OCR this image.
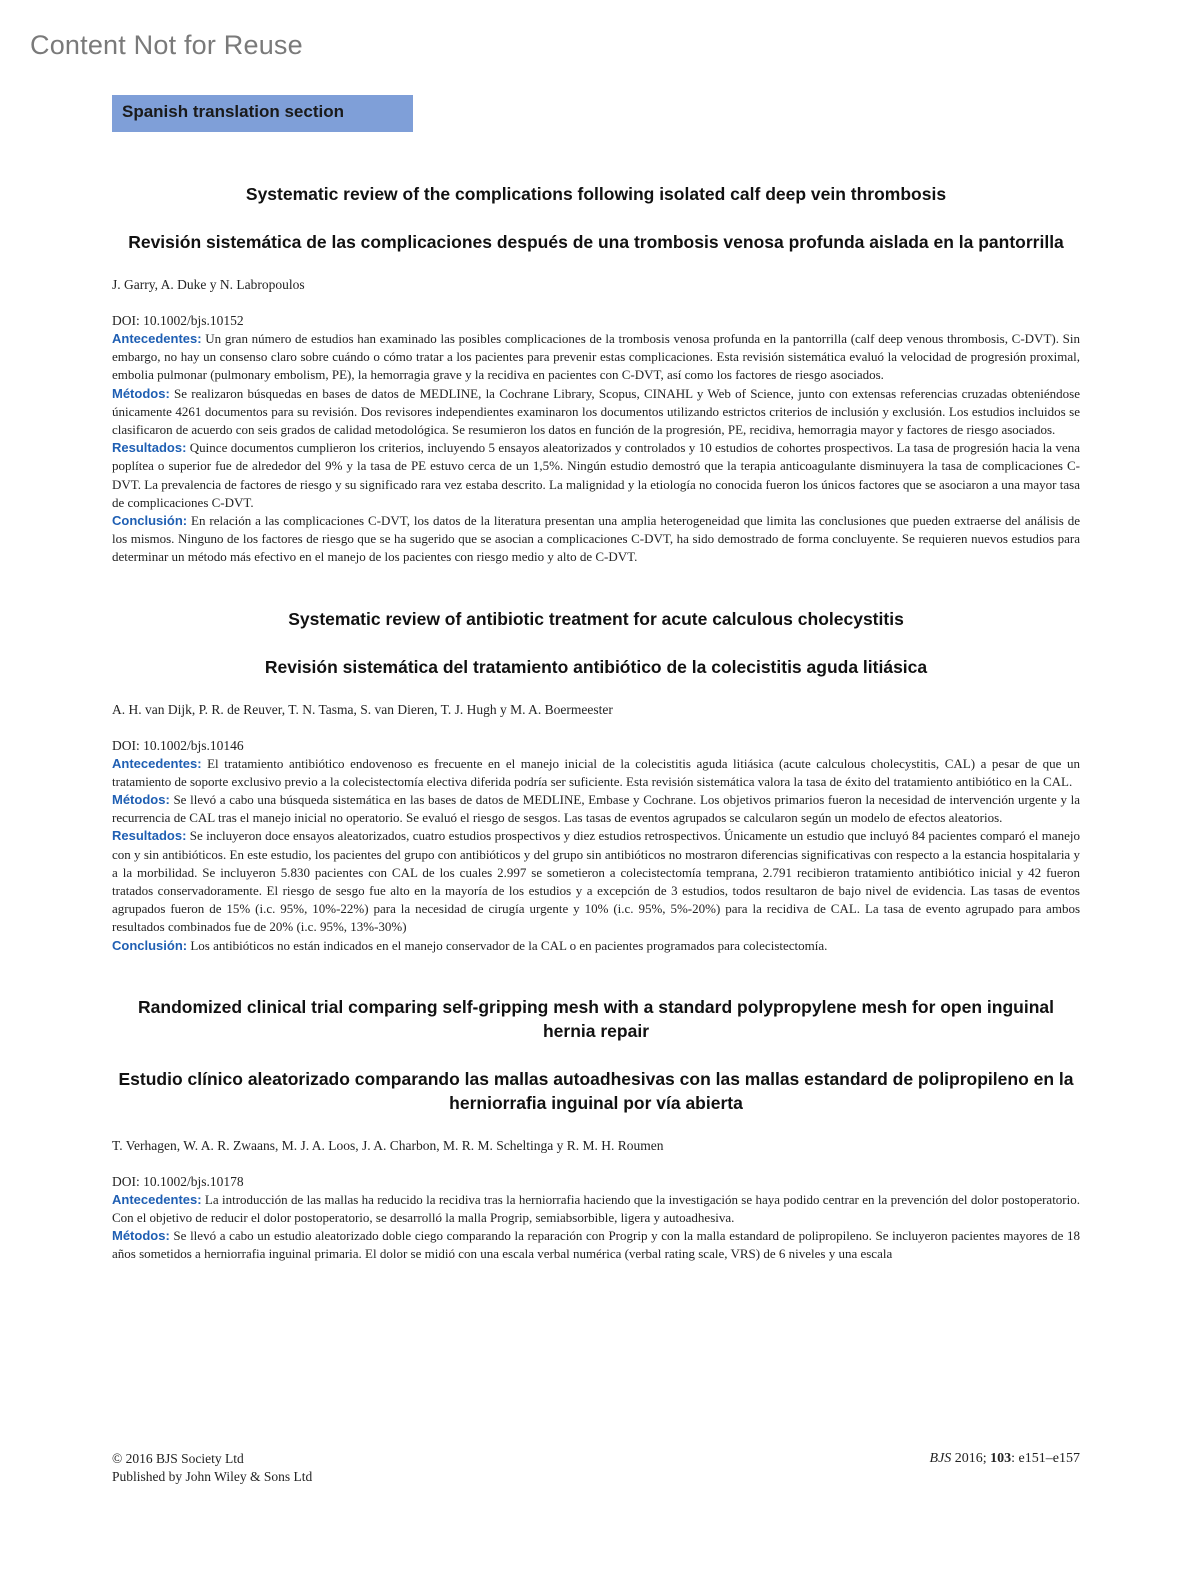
Content Not for Reuse
Spanish translation section
Systematic review of the complications following isolated calf deep vein thrombosis
Revisión sistemática de las complicaciones después de una trombosis venosa profunda aislada en la pantorrilla
J. Garry, A. Duke y N. Labropoulos
DOI: 10.1002/bjs.10152

Antecedentes: Un gran número de estudios han examinado las posibles complicaciones de la trombosis venosa profunda en la pantorrilla (calf deep venous thrombosis, C-DVT). Sin embargo, no hay un consenso claro sobre cuándo o cómo tratar a los pacientes para prevenir estas complicaciones. Esta revisión sistemática evaluó la velocidad de progresión proximal, embolia pulmonar (pulmonary embolism, PE), la hemorragia grave y la recidiva en pacientes con C-DVT, así como los factores de riesgo asociados.

Métodos: Se realizaron búsquedas en bases de datos de MEDLINE, la Cochrane Library, Scopus, CINAHL y Web of Science, junto con extensas referencias cruzadas obteniéndose únicamente 4261 documentos para su revisión. Dos revisores independientes examinaron los documentos utilizando estrictos criterios de inclusión y exclusión. Los estudios incluidos se clasificaron de acuerdo con seis grados de calidad metodológica. Se resumieron los datos en función de la progresión, PE, recidiva, hemorragia mayor y factores de riesgo asociados.

Resultados: Quince documentos cumplieron los criterios, incluyendo 5 ensayos aleatorizados y controlados y 10 estudios de cohortes prospectivos. La tasa de progresión hacia la vena poplítea o superior fue de alrededor del 9% y la tasa de PE estuvo cerca de un 1,5%. Ningún estudio demostró que la terapia anticoagulante disminuyera la tasa de complicaciones C-DVT. La prevalencia de factores de riesgo y su significado rara vez estaba descrito. La malignidad y la etiología no conocida fueron los únicos factores que se asociaron a una mayor tasa de complicaciones C-DVT.

Conclusión: En relación a las complicaciones C-DVT, los datos de la literatura presentan una amplia heterogeneidad que limita las conclusiones que pueden extraerse del análisis de los mismos. Ninguno de los factores de riesgo que se ha sugerido que se asocian a complicaciones C-DVT, ha sido demostrado de forma concluyente. Se requieren nuevos estudios para determinar un método más efectivo en el manejo de los pacientes con riesgo medio y alto de C-DVT.

Systematic review of antibiotic treatment for acute calculous cholecystitis
Revisión sistemática del tratamiento antibiótico de la colecistitis aguda litiásica
A. H. van Dijk, P. R. de Reuver, T. N. Tasma, S. van Dieren, T. J. Hugh y M. A. Boermeester
DOI: 10.1002/bjs.10146

Antecedentes: El tratamiento antibiótico endovenoso es frecuente en el manejo inicial de la colecistitis aguda litiásica (acute calculous cholecystitis, CAL) a pesar de que un tratamiento de soporte exclusivo previo a la colecistectomía electiva diferida podría ser suficiente. Esta revisión sistemática valora la tasa de éxito del tratamiento antibiótico en la CAL.

Métodos: Se llevó a cabo una búsqueda sistemática en las bases de datos de MEDLINE, Embase y Cochrane. Los objetivos primarios fueron la necesidad de intervención urgente y la recurrencia de CAL tras el manejo inicial no operatorio. Se evaluó el riesgo de sesgos. Las tasas de eventos agrupados se calcularon según un modelo de efectos aleatorios.

Resultados: Se incluyeron doce ensayos aleatorizados, cuatro estudios prospectivos y diez estudios retrospectivos. Únicamente un estudio que incluyó 84 pacientes comparó el manejo con y sin antibióticos. En este estudio, los pacientes del grupo con antibióticos y del grupo sin antibióticos no mostraron diferencias significativas con respecto a la estancia hospitalaria y a la morbilidad. Se incluyeron 5.830 pacientes con CAL de los cuales 2.997 se sometieron a colecistectomía temprana, 2.791 recibieron tratamiento antibiótico inicial y 42 fueron tratados conservadoramente. El riesgo de sesgo fue alto en la mayoría de los estudios y a excepción de 3 estudios, todos resultaron de bajo nivel de evidencia. Las tasas de eventos agrupados fueron de 15% (i.c. 95%, 10%-22%) para la necesidad de cirugía urgente y 10% (i.c. 95%, 5%-20%) para la recidiva de CAL. La tasa de evento agrupado para ambos resultados combinados fue de 20% (i.c. 95%, 13%-30%)

Conclusión: Los antibióticos no están indicados en el manejo conservador de la CAL o en pacientes programados para colecistectomía.

Randomized clinical trial comparing self-gripping mesh with a standard polypropylene mesh for open inguinal hernia repair
Estudio clínico aleatorizado comparando las mallas autoadhesivas con las mallas estandard de polipropileno en la herniorrafia inguinal por vía abierta
T. Verhagen, W. A. R. Zwaans, M. J. A. Loos, J. A. Charbon, M. R. M. Scheltinga y R. M. H. Roumen
DOI: 10.1002/bjs.10178

Antecedentes: La introducción de las mallas ha reducido la recidiva tras la herniorrafia haciendo que la investigación se haya podido centrar en la prevención del dolor postoperatorio. Con el objetivo de reducir el dolor postoperatorio, se desarrolló la malla Progrip, semiabsorbible, ligera y autoadhesiva.

Métodos: Se llevó a cabo un estudio aleatorizado doble ciego comparando la reparación con Progrip y con la malla estandard de polipropileno. Se incluyeron pacientes mayores de 18 años sometidos a herniorrafia inguinal primaria. El dolor se midió con una escala verbal numérica (verbal rating scale, VRS) de 6 niveles y una escala

© 2016 BJS Society Ltd
Published by John Wiley & Sons Ltd
BJS 2016; 103: e151–e157
